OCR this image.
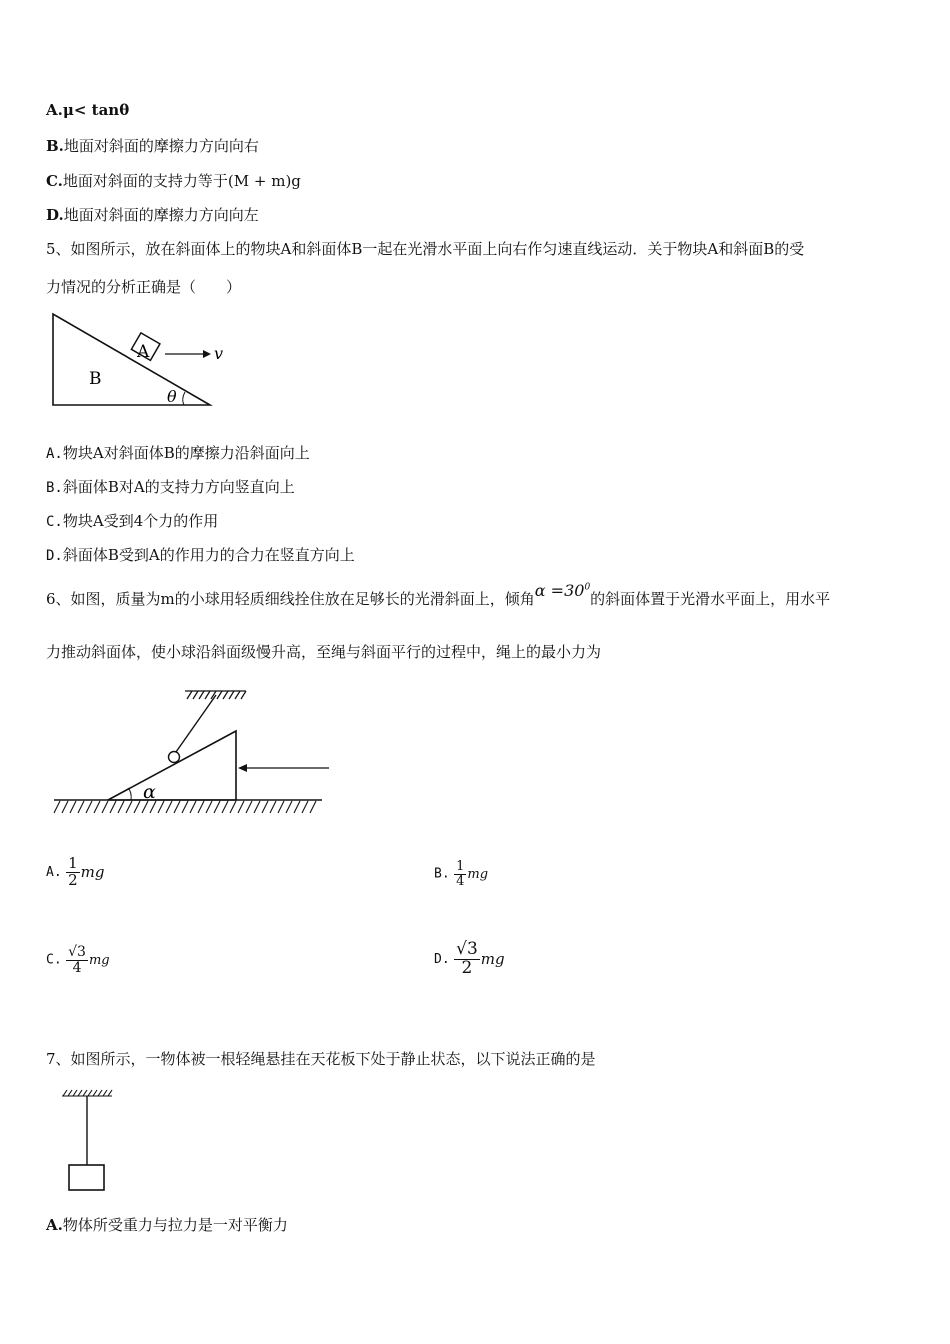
A.μ< tanθ
B.地面对斜面的摩擦力方向向右
C.地面对斜面的支持力等于(M + m)g
D.地面对斜面的摩擦力方向向左
5、如图所示，放在斜面体上的物块A和斜面体B一起在光滑水平面上向右作匀速直线运动．关于物块A和斜面B的受
力情况的分析正确是（　　）
A	v
B
θ
A.物块A对斜面体B的摩擦力沿斜面向上
B.斜面体B对A的支持力方向竖直向上
C.物块A受到4个力的作用
D.斜面体B受到A的作用力的合力在竖直方向上
6、如图，质量为m的小球用轻质细线拴住放在足够长的光滑斜面上，倾角$\alpha =30^0$的斜面体置于光滑水平面上，用水平
力推动斜面体，使小球沿斜面级慢升高，至绳与斜面平行的过程中，绳上的最小力为
α
A. $\frac{1}{2}$ mg	B. $\frac{1}{4}$ mg
C. $\frac{√3}{4}$ mg	D. $\frac{√3}{2}$ mg
7、如图所示，一物体被一根轻绳悬挂在天花板下处于静止状态，以下说法正确的是
A.物体所受重力与拉力是一对平衡力
